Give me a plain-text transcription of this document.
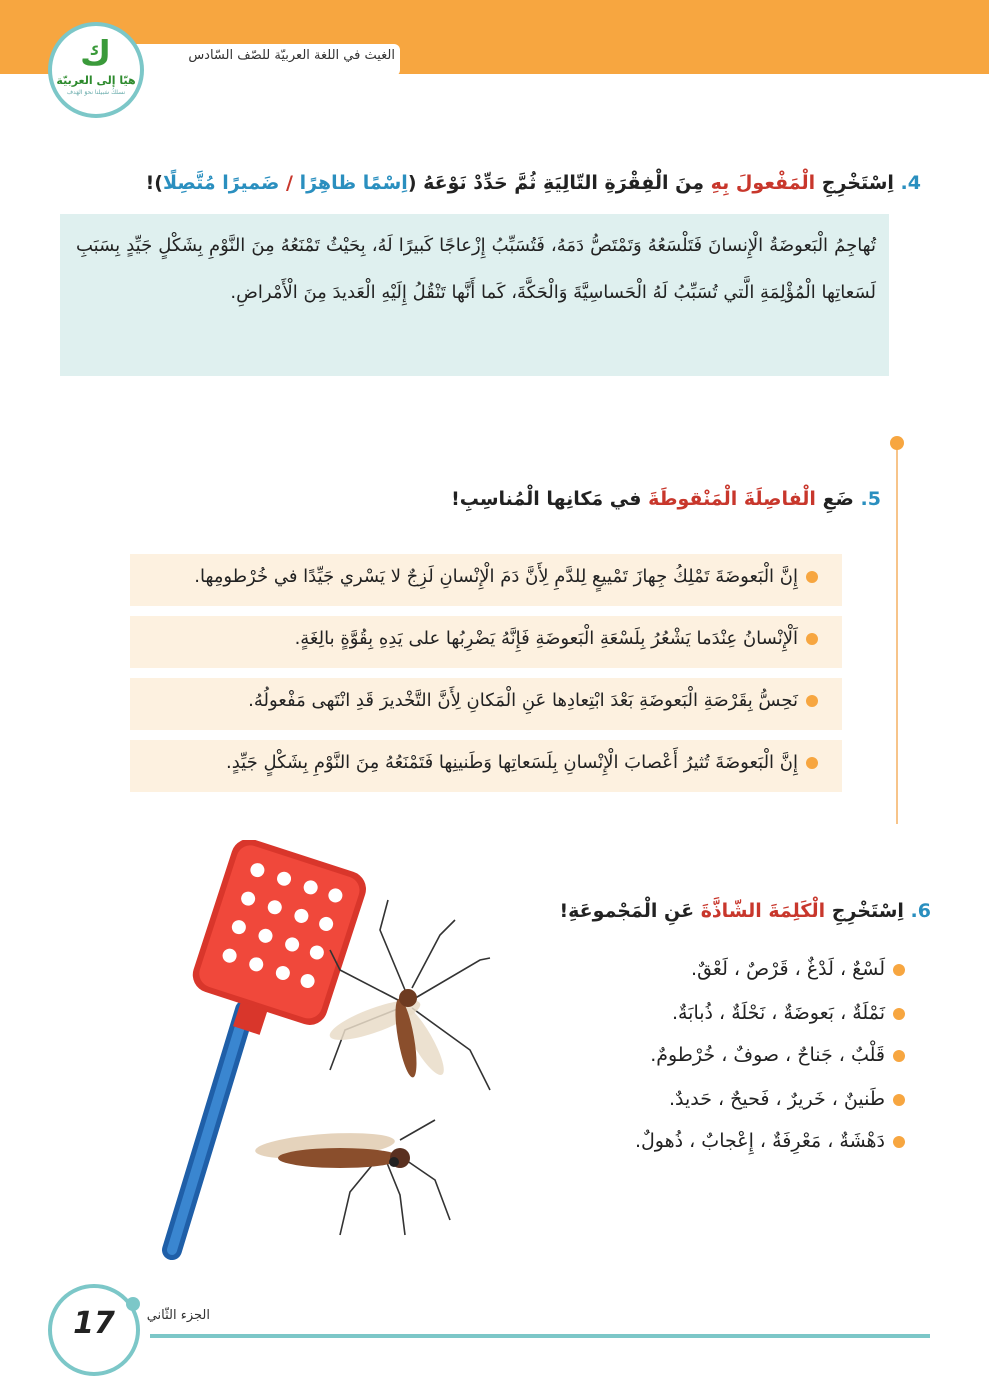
الغيث في اللغة العربيّة للصّف السّادس
ك
هيّا إلى العربيّة
نسلكُ سَبيلنا نحوَ الهَدف
4. اِسْتَخْرِجِ الْمَفْعولَ بِهِ مِنَ الْفِقْرَةِ التّالِيَةِ ثُمَّ حَدِّدْ نَوْعَهُ (اِسْمًا ظاهِرًا / ضَميرًا مُتَّصِلًا)!
تُهاجِمُ الْبَعوضَةُ الْإِنسانَ فَتَلْسَعُهُ وَتَمْتَصُّ دَمَهُ، فَتُسَبِّبُ إِزْعاجًا كَبيرًا لَهُ، بِحَيْثُ تَمْنَعُهُ مِنَ النَّوْمِ بِشَكْلٍ جَيِّدٍ بِسَبَبِ لَسَعاتِها الْمُؤْلِمَةِ الَّتي تُسَبِّبُ لَهُ الْحَساسِيَّةَ وَالْحَكَّةَ، كَما أَنَّها تَنْقُلُ إِلَيْهِ الْعَديدَ مِنَ الْأَمْراضِ.
5. ضَعِ الْفاصِلَةَ الْمَنْقوطَةَ في مَكانِها الْمُناسِبِ!
إِنَّ الْبَعوضَةَ تَمْلِكُ جِهازَ تَمْييعٍ لِلدَّمِ لِأَنَّ دَمَ الْإِنْسانِ لَزِجٌ لا يَسْري جَيِّدًا في خُرْطومِها.
اَلْإِنْسانُ عِنْدَما يَشْعُرُ بِلَسْعَةِ الْبَعوضَةِ فَإِنَّهُ يَضْرِبُها على يَدِهِ بِقُوَّةٍ بالِغَةٍ.
نَحِسُّ بِقَرْصَةِ الْبَعوضَةِ بَعْدَ ابْتِعادِها عَنِ الْمَكانِ لِأَنَّ التَّخْديرَ قَدِ انْتَهى مَفْعولُهُ.
إِنَّ الْبَعوضَةَ تُثيرُ أَعْصابَ الْإِنْسانِ بِلَسَعاتِها وَطَنينِها فَتَمْنَعُهُ مِنَ النَّوْمِ بِشَكْلٍ جَيِّدٍ.
6. اِسْتَخْرِجِ الْكَلِمَةَ الشّاذَّةَ عَنِ الْمَجْموعَةِ!
لَسْعٌ ، لَدْغٌ ، قَرْصٌ ، لَعْقٌ.
نَمْلَةٌ ، بَعوضَةٌ ، نَحْلَةٌ ، ذُبابَةٌ.
قَلْبٌ ، جَناحٌ ، صوفٌ ، خُرْطومٌ.
طَنينٌ ، خَريرٌ ، فَحيحٌ ، حَديدٌ.
دَهْشَةٌ ، مَعْرِفَةٌ ، إِعْجابٌ ، ذُهولٌ.
17	الجزء الثّاني
